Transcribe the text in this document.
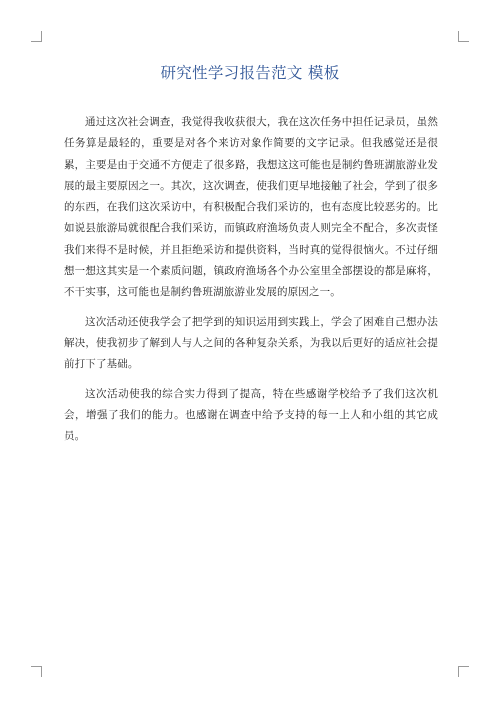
研究性学习报告范文 模板

通过这次社会调查，我觉得我收获很大，我在这次任务中担任记录员，虽然任务算是最轻的，重要是对各个来访对象作简要的文字记录。但我感觉还是很累，主要是由于交通不方便走了很多路，我想这这可能也是制约鲁班湖旅游业发展的最主要原因之一。其次，这次调查，使我们更早地接触了社会，学到了很多的东西，在我们这次采访中，有积极配合我们采访的，也有态度比较恶劣的。比如说县旅游局就很配合我们采访，而镇政府渔场负责人则完全不配合，多次责怪我们来得不是时候，并且拒绝采访和提供资料，当时真的觉得很恼火。不过仔细想一想这其实是一个素质问题，镇政府渔场各个办公室里全部摆设的都是麻将，不干实事，这可能也是制约鲁班湖旅游业发展的原因之一。

这次活动还使我学会了把学到的知识运用到实践上，学会了困难自己想办法解决，使我初步了解到人与人之间的各种复杂关系，为我以后更好的适应社会提前打下了基础。

这次活动使我的综合实力得到了提高，特在些感谢学校给予了我们这次机会，增强了我们的能力。也感谢在调查中给予支持的每一上人和小组的其它成员。
